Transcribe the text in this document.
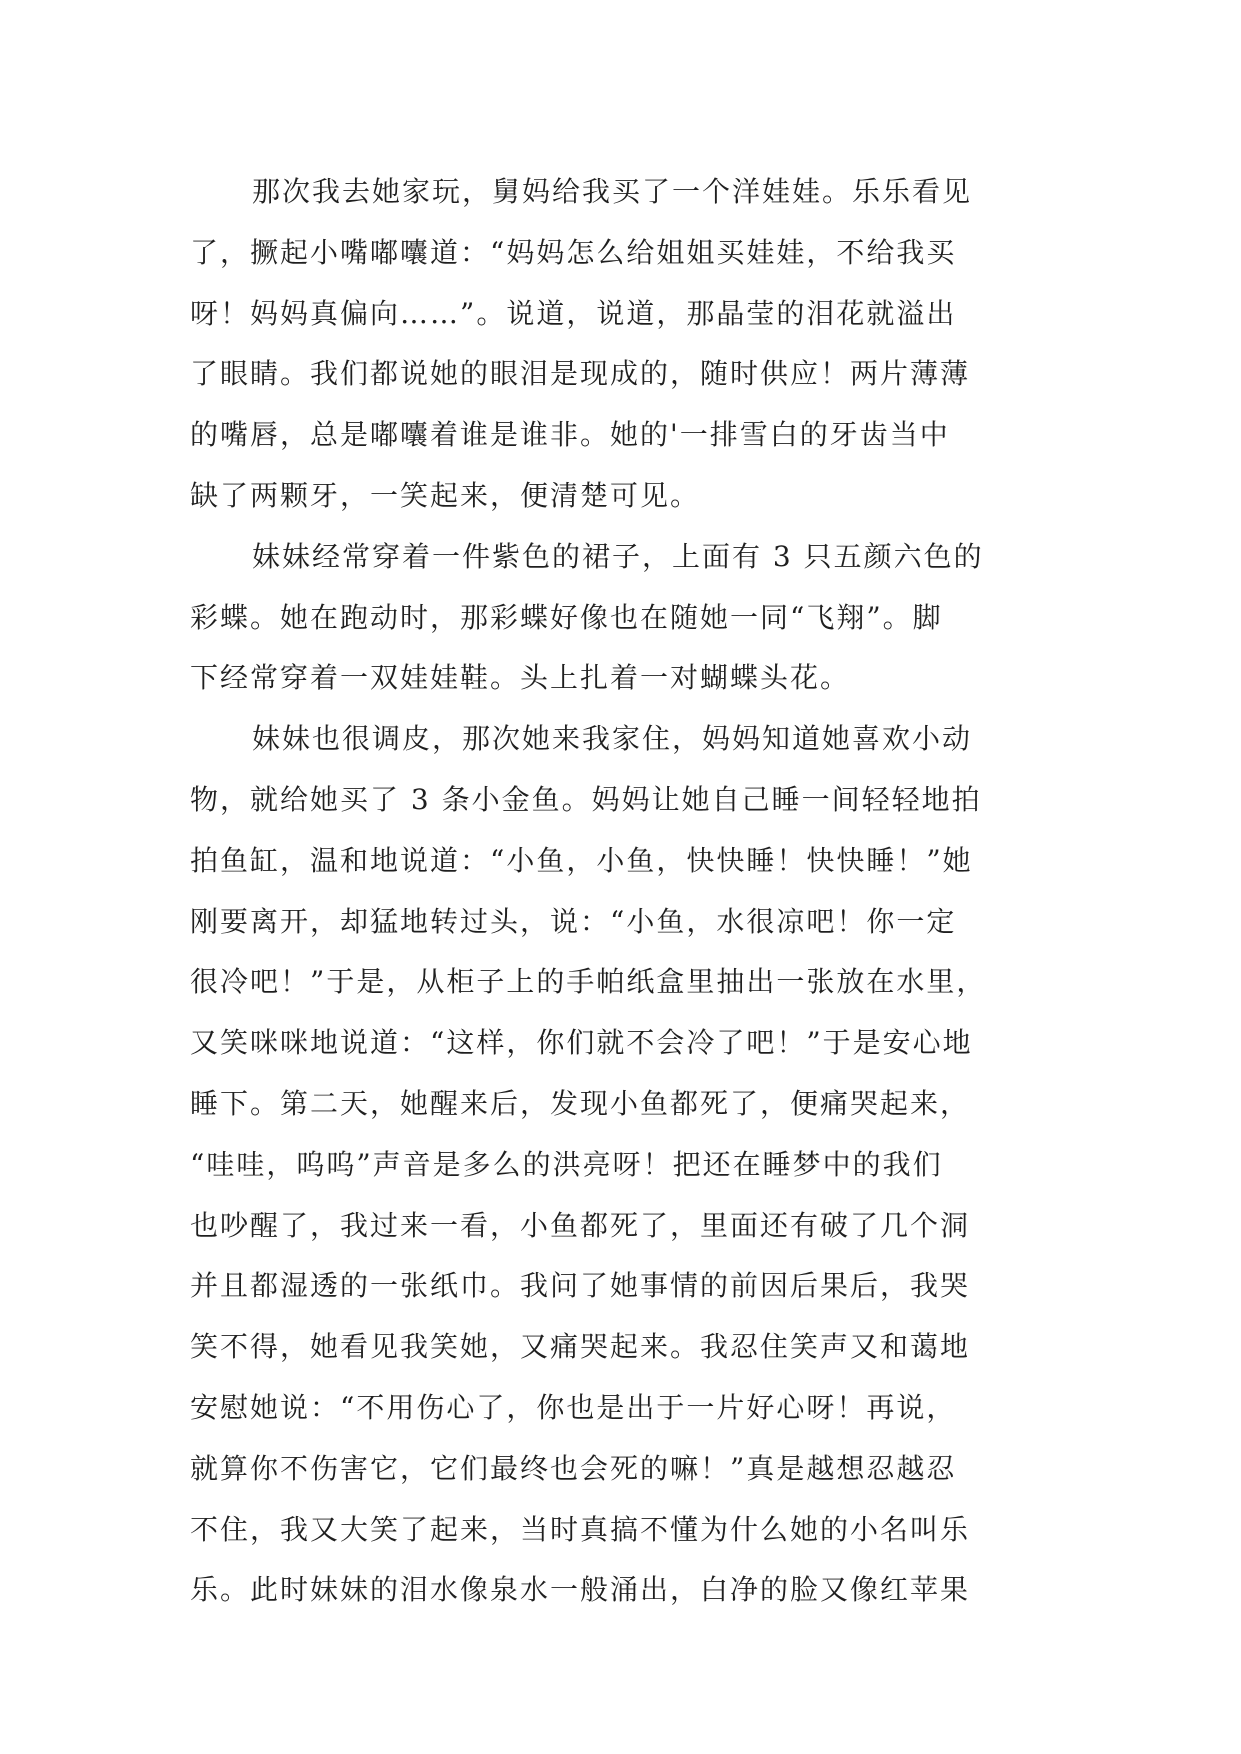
那次我去她家玩，舅妈给我买了一个洋娃娃。乐乐看见
了，撅起小嘴嘟囔道：“妈妈怎么给姐姐买娃娃，不给我买
呀！妈妈真偏向……”。说道，说道，那晶莹的泪花就溢出
了眼睛。我们都说她的眼泪是现成的，随时供应！两片薄薄
的嘴唇，总是嘟囔着谁是谁非。她的'一排雪白的牙齿当中
缺了两颗牙，一笑起来，便清楚可见。
妹妹经常穿着一件紫色的裙子，上面有 3 只五颜六色的
彩蝶。她在跑动时，那彩蝶好像也在随她一同“飞翔”。脚
下经常穿着一双娃娃鞋。头上扎着一对蝴蝶头花。
妹妹也很调皮，那次她来我家住，妈妈知道她喜欢小动
物，就给她买了 3 条小金鱼。妈妈让她自己睡一间轻轻地拍
拍鱼缸，温和地说道：“小鱼，小鱼，快快睡！快快睡！”她
刚要离开，却猛地转过头，说：“小鱼，水很凉吧！你一定
很冷吧！”于是，从柜子上的手帕纸盒里抽出一张放在水里，
又笑咪咪地说道：“这样，你们就不会冷了吧！”于是安心地
睡下。第二天，她醒来后，发现小鱼都死了，便痛哭起来，
“哇哇，呜呜”声音是多么的洪亮呀！把还在睡梦中的我们
也吵醒了，我过来一看，小鱼都死了，里面还有破了几个洞
并且都湿透的一张纸巾。我问了她事情的前因后果后，我哭
笑不得，她看见我笑她，又痛哭起来。我忍住笑声又和蔼地
安慰她说：“不用伤心了，你也是出于一片好心呀！再说，
就算你不伤害它，它们最终也会死的嘛！”真是越想忍越忍
不住，我又大笑了起来，当时真搞不懂为什么她的小名叫乐
乐。此时妹妹的泪水像泉水一般涌出，白净的脸又像红苹果
